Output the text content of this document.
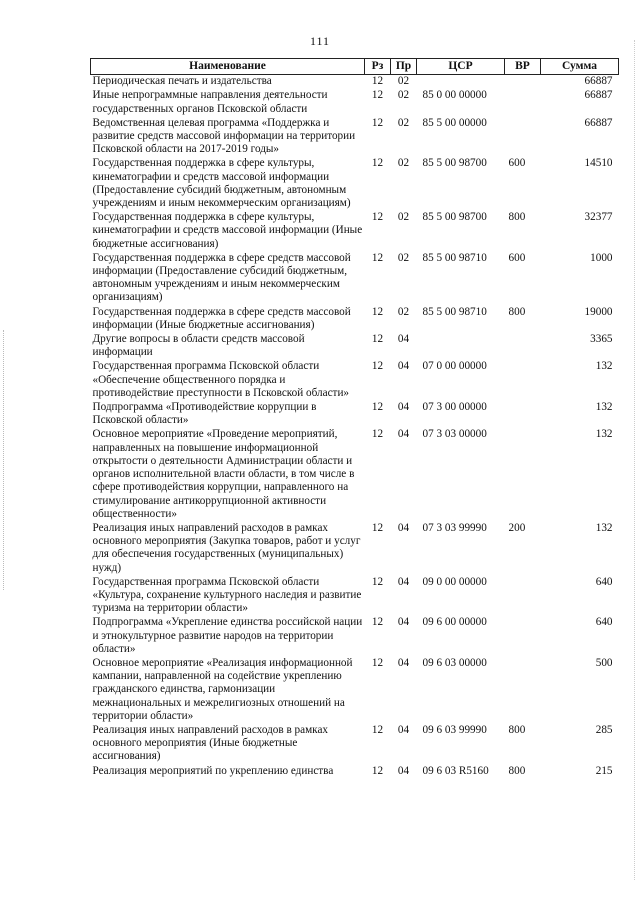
111
Наименование	Рз	Пр	ЦСР	ВР	Сумма
Периодическая печать и издательства	12	02			66887
Иные непрограммные направления деятельности государственных органов Псковской области	12	02	85 0 00 00000		66887
Ведомственная целевая программа «Поддержка и развитие средств массовой информации на территории Псковской области на 2017-2019 годы»	12	02	85 5 00 00000		66887
Государственная поддержка в сфере культуры, кинематографии и средств массовой информации (Предоставление субсидий бюджетным, автономным учреждениям и иным некоммерческим организациям)	12	02	85 5 00 98700	600	14510
Государственная поддержка в сфере культуры, кинематографии и средств массовой информации (Иные бюджетные ассигнования)	12	02	85 5 00 98700	800	32377
Государственная поддержка в сфере средств массовой информации (Предоставление субсидий бюджетным, автономным учреждениям и иным некоммерческим организациям)	12	02	85 5 00 98710	600	1000
Государственная поддержка в сфере средств массовой информации (Иные бюджетные ассигнования)	12	02	85 5 00 98710	800	19000
Другие вопросы в области средств массовой информации	12	04			3365
Государственная программа Псковской области «Обеспечение общественного порядка и противодействие преступности в Псковской области»	12	04	07 0 00 00000		132
Подпрограмма «Противодействие коррупции в Псковской области»	12	04	07 3 00 00000		132
Основное мероприятие «Проведение мероприятий, направленных на повышение информационной открытости о деятельности Администрации области и органов исполнительной власти области, в том числе в сфере противодействия коррупции, направленного на стимулирование антикоррупционной активности общественности»	12	04	07 3 03 00000		132
Реализация иных направлений расходов в рамках основного мероприятия (Закупка товаров, работ и услуг для обеспечения государственных (муниципальных) нужд)	12	04	07 3 03 99990	200	132
Государственная программа Псковской области «Культура, сохранение культурного наследия и развитие туризма на территории области»	12	04	09 0 00 00000		640
Подпрограмма «Укрепление единства российской нации и этнокультурное развитие народов на территории области»	12	04	09 6 00 00000		640
Основное мероприятие «Реализация информационной кампании, направленной на содействие укреплению гражданского единства, гармонизации межнациональных и межрелигиозных отношений на территории области»	12	04	09 6 03 00000		500
Реализация иных направлений расходов в рамках основного мероприятия (Иные бюджетные ассигнования)	12	04	09 6 03 99990	800	285
Реализация мероприятий по укреплению единства	12	04	09 6 03 R5160	800	215
